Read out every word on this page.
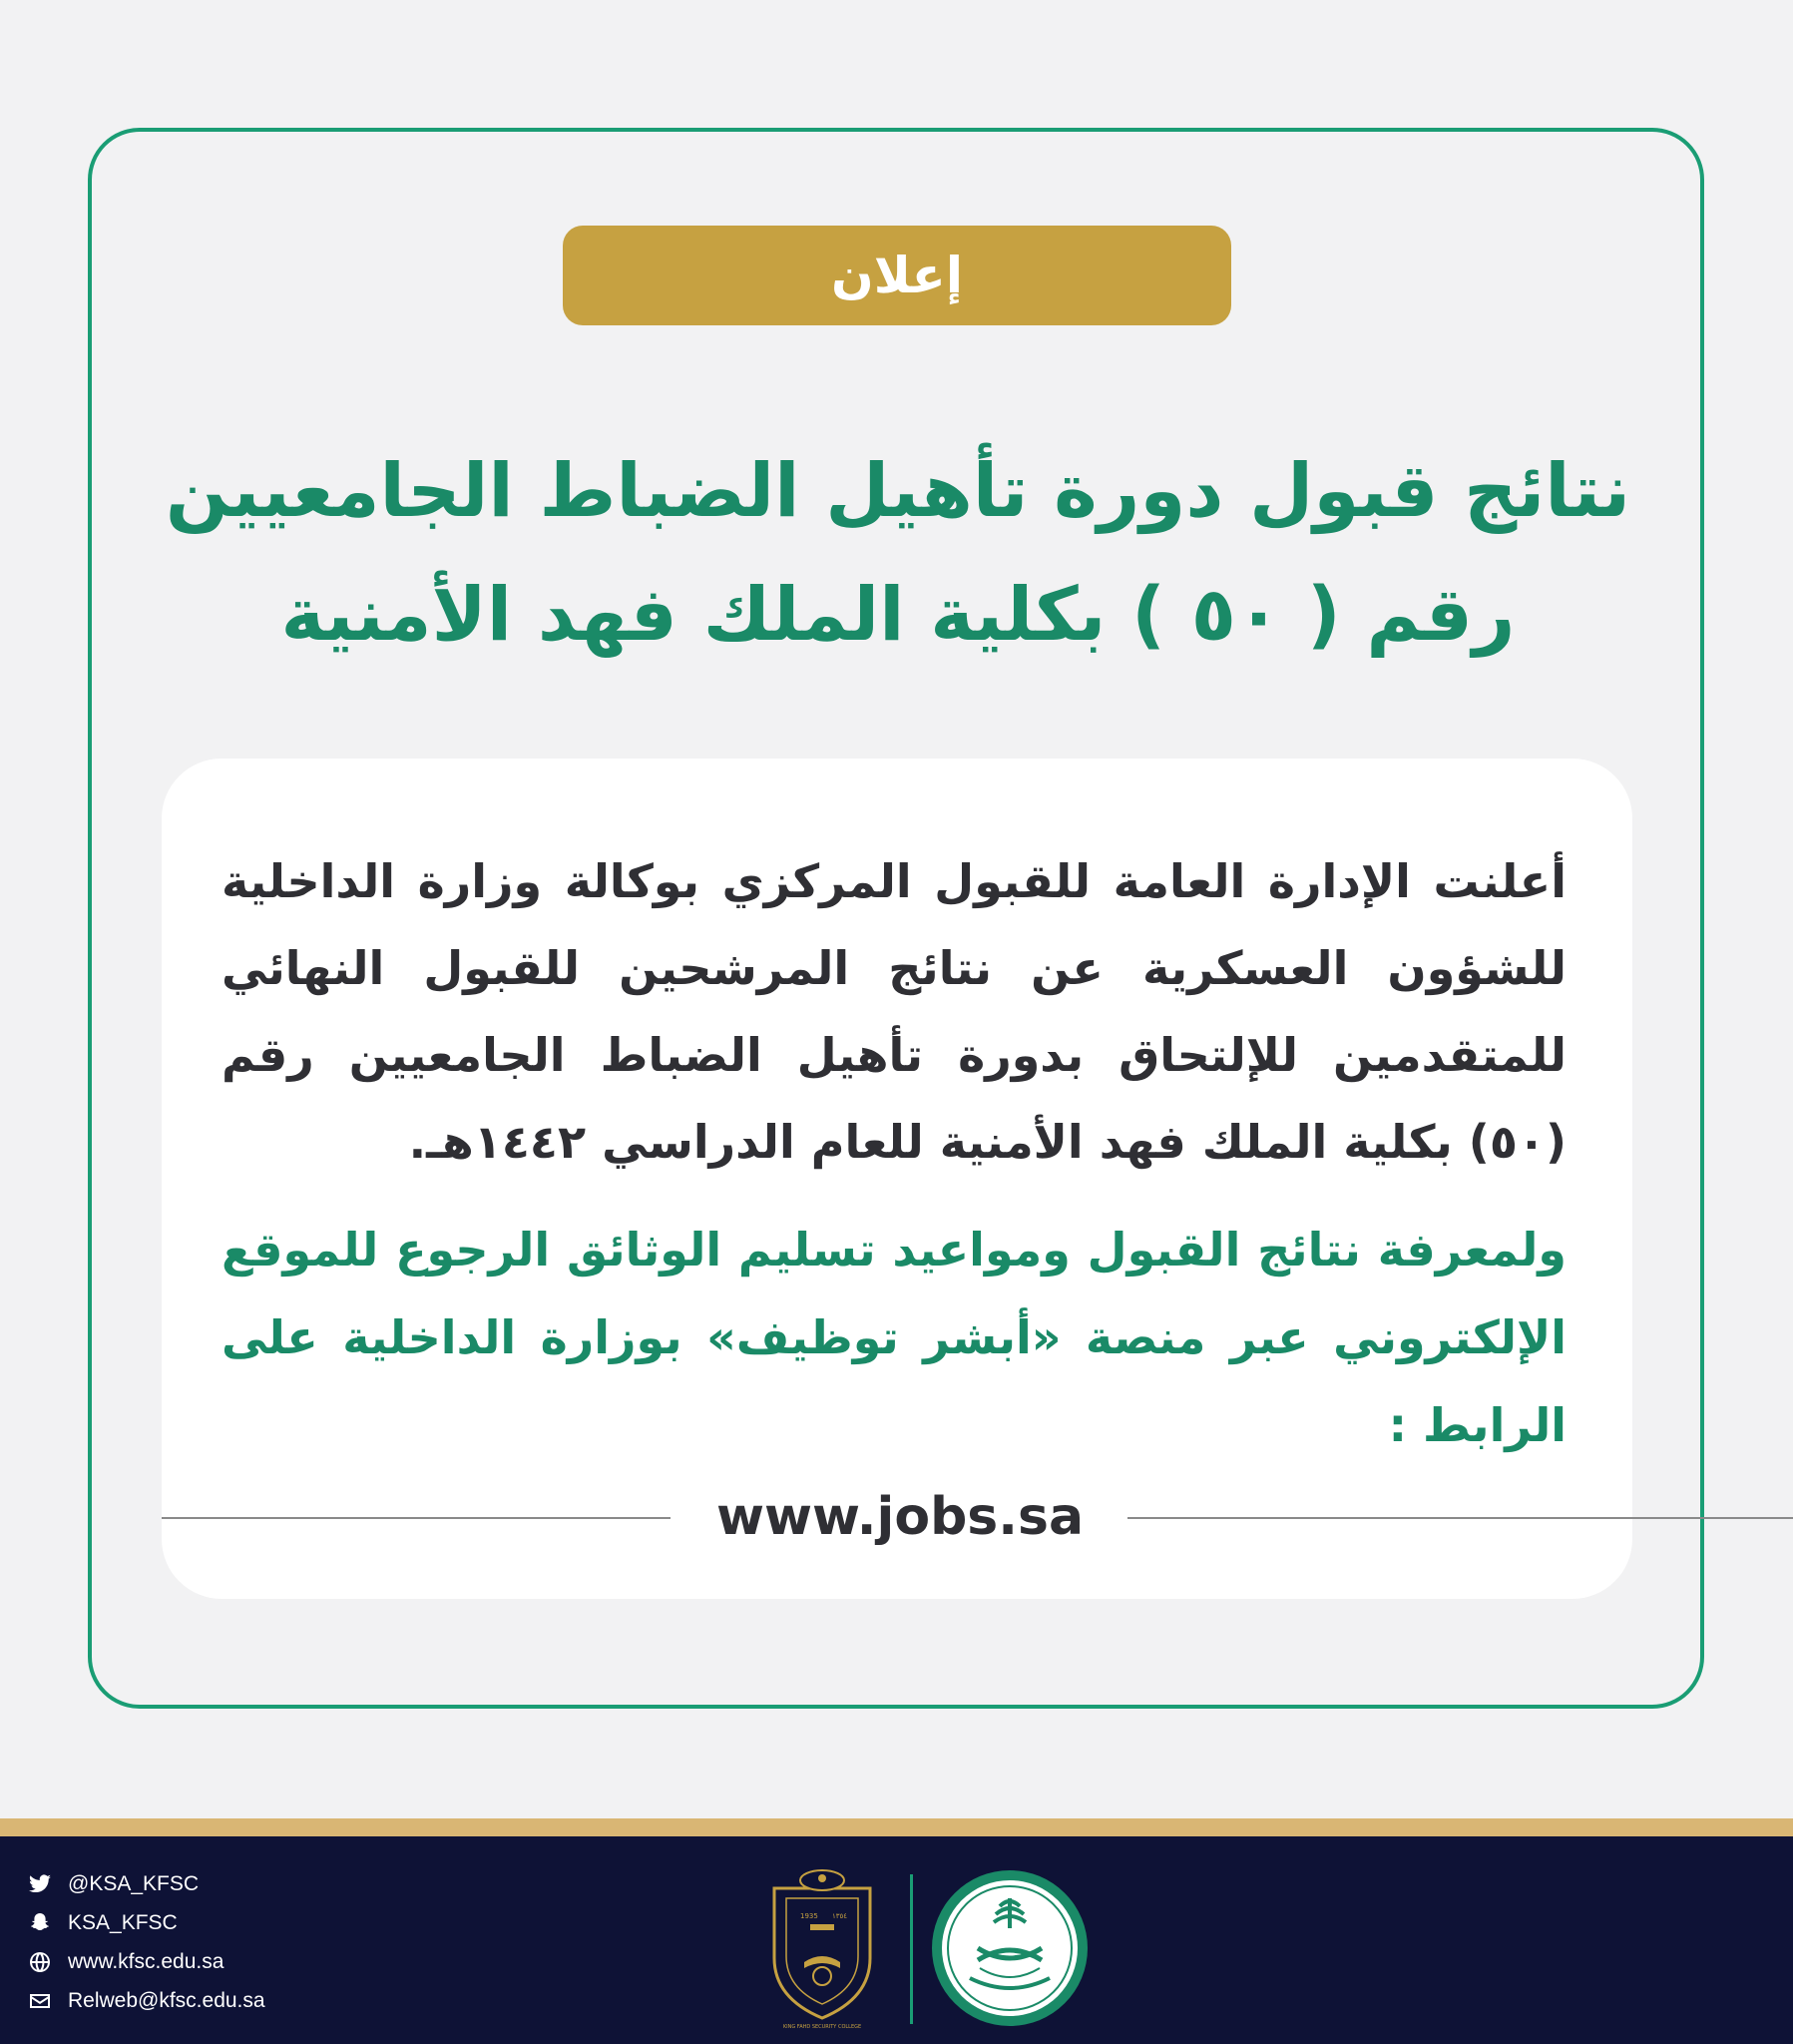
إعلان
نتائج قبول دورة تأهيل الضباط الجامعيين
رقم ( ٥٠ ) بكلية الملك فهد الأمنية
أعلنت الإدارة العامة للقبول المركزي بوكالة وزارة الداخلية للشؤون العسكرية عن نتائج المرشحين للقبول النهائي للمتقدمين للإلتحاق بدورة تأهيل الضباط الجامعيين رقم (٥٠) بكلية الملك فهد الأمنية للعام الدراسي ١٤٤٢هـ.
ولمعرفة نتائج القبول ومواعيد تسليم الوثائق الرجوع للموقع الإلكتروني عبر منصة «أبشر توظيف» بوزارة الداخلية على الرابط :
www.jobs.sa
@KSA_KFSC
KSA_KFSC
www.kfsc.edu.sa
Relweb@kfsc.edu.sa
1935 ١٣٥٤
KING FAHD SECURITY COLLEGE
